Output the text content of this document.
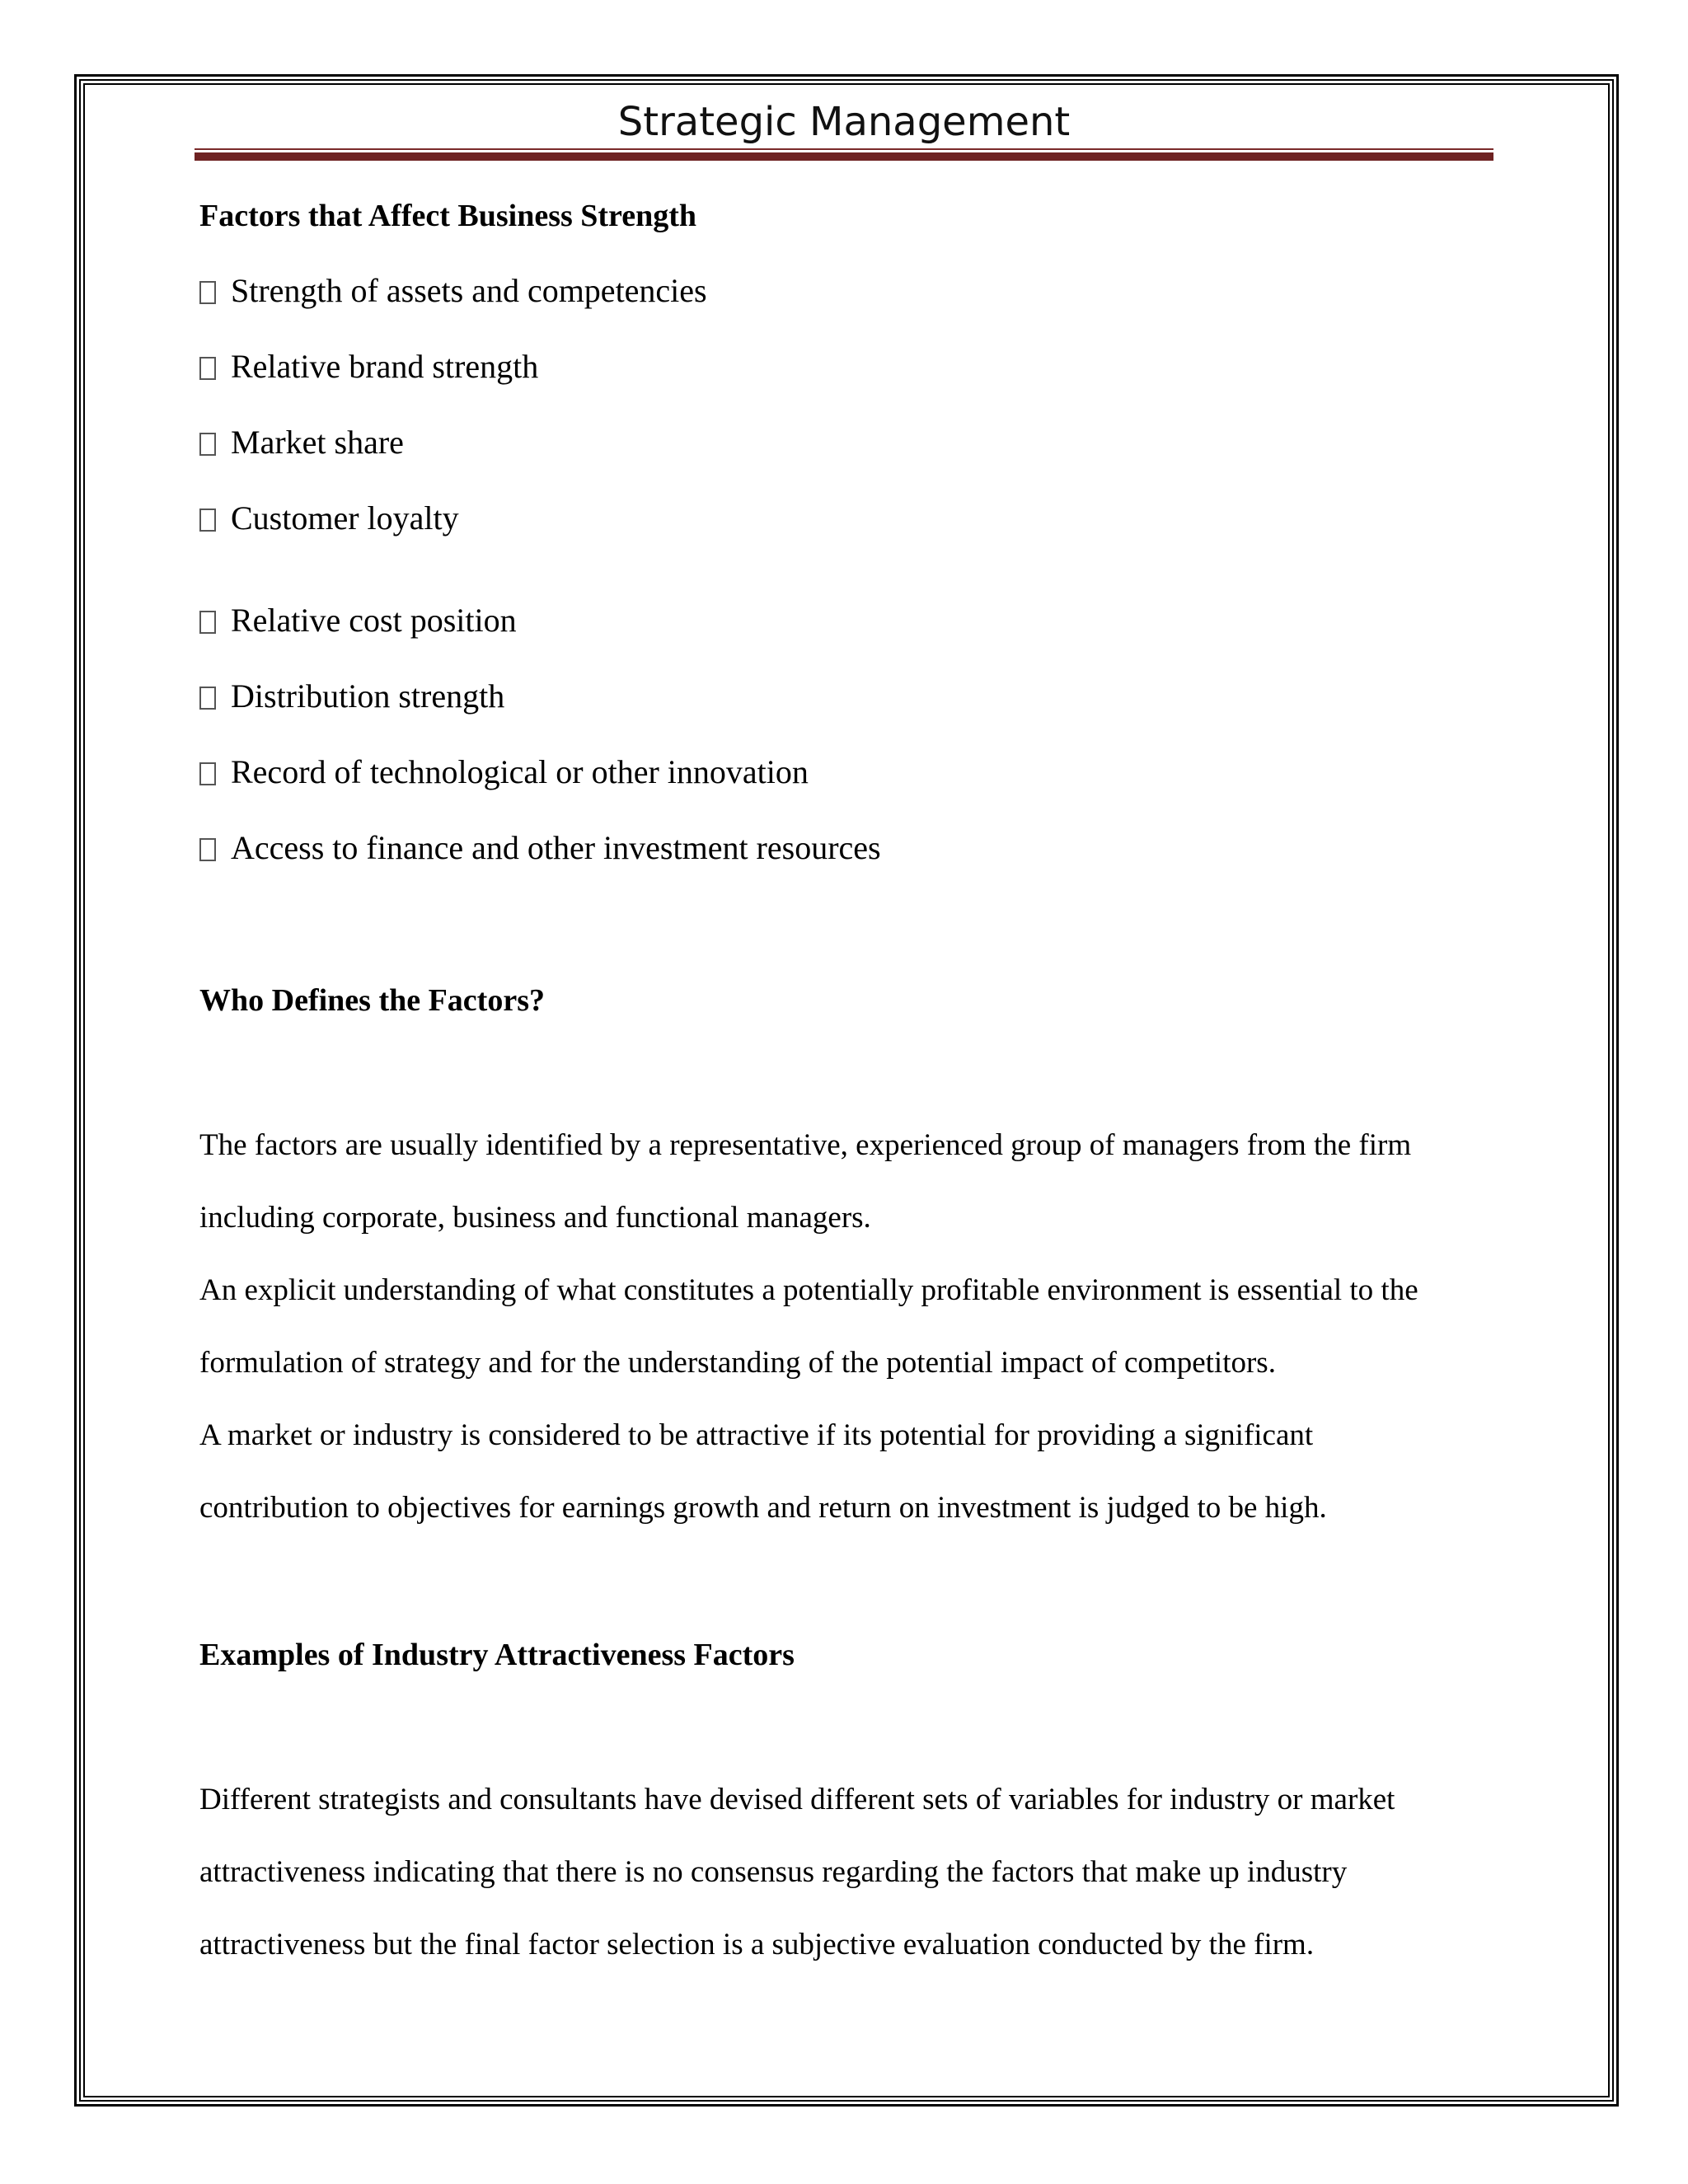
Strategic Management
Factors that Affect Business Strength
Strength of assets and competencies
Relative brand strength
Market share
Customer loyalty
Relative cost position
Distribution strength
Record of technological or other innovation
Access to finance and other investment resources
Who Defines the Factors?
The factors are usually identified by a representative, experienced group of managers from the firm
including corporate, business and functional managers.
An explicit understanding of what constitutes a potentially profitable environment is essential to the
formulation of strategy and for the understanding of the potential impact of competitors.
A market or industry is considered to be attractive if its potential for providing a significant
contribution to objectives for earnings growth and return on investment is judged to be high.
Examples of Industry Attractiveness Factors
Different strategists and consultants have devised different sets of variables for industry or market
attractiveness indicating that there is no consensus regarding the factors that make up industry
attractiveness but the final factor selection is a subjective evaluation conducted by the firm.
